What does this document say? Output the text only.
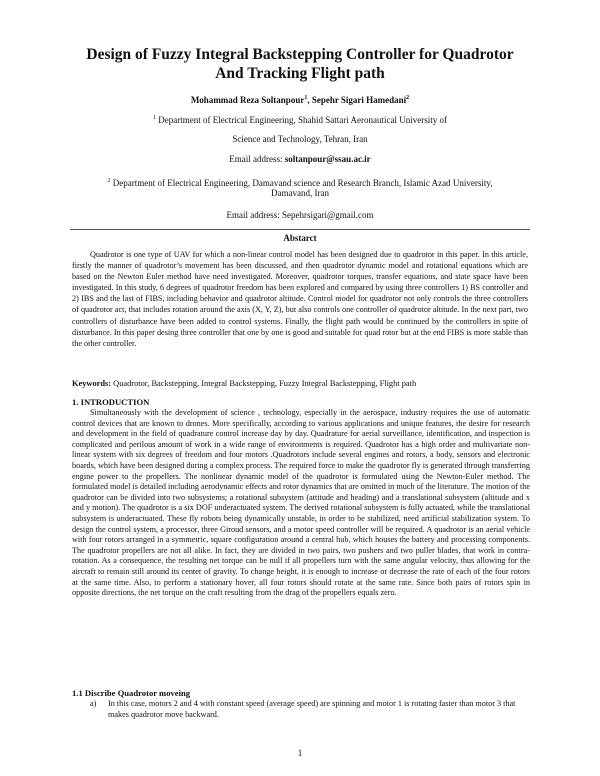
Design of Fuzzy Integral Backstepping Controller for Quadrotor
And Tracking Flight path
Mohammad Reza Soltanpour$^1$, Sepehr Sigari Hamedani$^2$
$^1$ Department of Electrical Engineering, Shahid Sattari Aeronautical University of
Science and Technology, Tehran, Iran
Email address: soltanpour@ssau.ac.ir
$^2$ Department of Electrical Engineering, Damavand science and Research Branch, Islamic Azad University,
Damavand, Iran
Email address: Sepehrsigari@gmail.com
Abstarct

Quadrotor is one type of UAV for which a non-linear control model has been designed due to quadrotor in this paper. In this article, firstly the manner of quadrotor’s movement has been discussed, and then quadrotor dynamic model and rotational equations which are based on the Newton Euler method have need investigated. Moreover, quadrotor torques, transfer equations, and state space have been investigated. In this study, 6 degrees of quadrotor freedom has been explored and compared by using three controllers 1) BS controller and 2) IBS and the last of FIBS, including behavior and quadrotor altitude. Control model for quadrotor not only controls the three controllers of quadrotor act, that includes rotation around the axis (X, Y, Z), but also controls one controller of quadrotor altitude. In the next part, two controllers of disturbance have been added to control systems. Finally, the flight path would be continued by the controllers in spite of disturbance. In this paper desing three controller that one by one is good and suitable for quad rotor but at the end FIBS is more stable than the other controller.

Keywords: Quadrotor, Backstepping, Integral Backstepping, Fuzzy Integral Backstepping, Flight path
1. INTRODUCTION

Simultaneously with the development of science , technology, especially in the aerospace, industry requires the use of automatic control devices that are known to drones. More specifically, according to various applications and unique features, the desire for research and development in the field of quadrature control increase day by day. Quadrature for aerial surveillance, identification, and inspection is complicated and perilous amount of work in a wide range of environments is required. Quadrotor has a high order and multivariate non-linear system with six degrees of freedom and four motors .Quadrotors include several engines and rotors, a body, sensors and electronic boards, which have been designed during a complex process. The required force to make the quadrotor fly is generated through transferring engine power to the propellers. The nonlinear dynamic model of the quadrotor is formulated using the Newton-Euler method. The formulated model is detailed including aerodynamic effects and rotor dynamics that are omitted in much of the literature. The motion of the quadrotor can be divided into two subsystems; a rotational subsystem (attitude and heading) and a translational subsystem (altitude and x and y motion). The quadrotor is a six DOF underactuated system. The derived rotational subsystem is fully actuated, while the translational subsystem is underactuated. These fly robots being dynamically unstable, in order to be stabilized, need artificial stabilization system. To design the control system, a processor, three Giroud sensors, and a motor speed controller will be required. A quadrotor is an aerial vehicle with four rotors arranged in a symmetric, square configuration around a central hub, which houses the battery and processing components. The quadrotor propellers are not all alike. In fact, they are divided in two pairs, two pushers and two puller blades, that work in contra-rotation. As a consequence, the resulting net torque can be null if all propellers turn with the same angular velocity, thus allowing for the aircraft to remain still around its center of gravity. To change height, it is enough to increase or decrease the rate of each of the four rotors at the same time. Also, to perform a stationary hover, all four rotors should rotate at the same rate. Since both pairs of rotors spin in opposite directions, the net torque on the craft resulting from the drag of the propellers equals zero.

1.1 Discribe Quadrotor moveing
a) In this case, motors 2 and 4 with constant speed (average speed) are spinning and motor 1 is rotating faster than motor 3 that makes quadrotor move backward.
1
